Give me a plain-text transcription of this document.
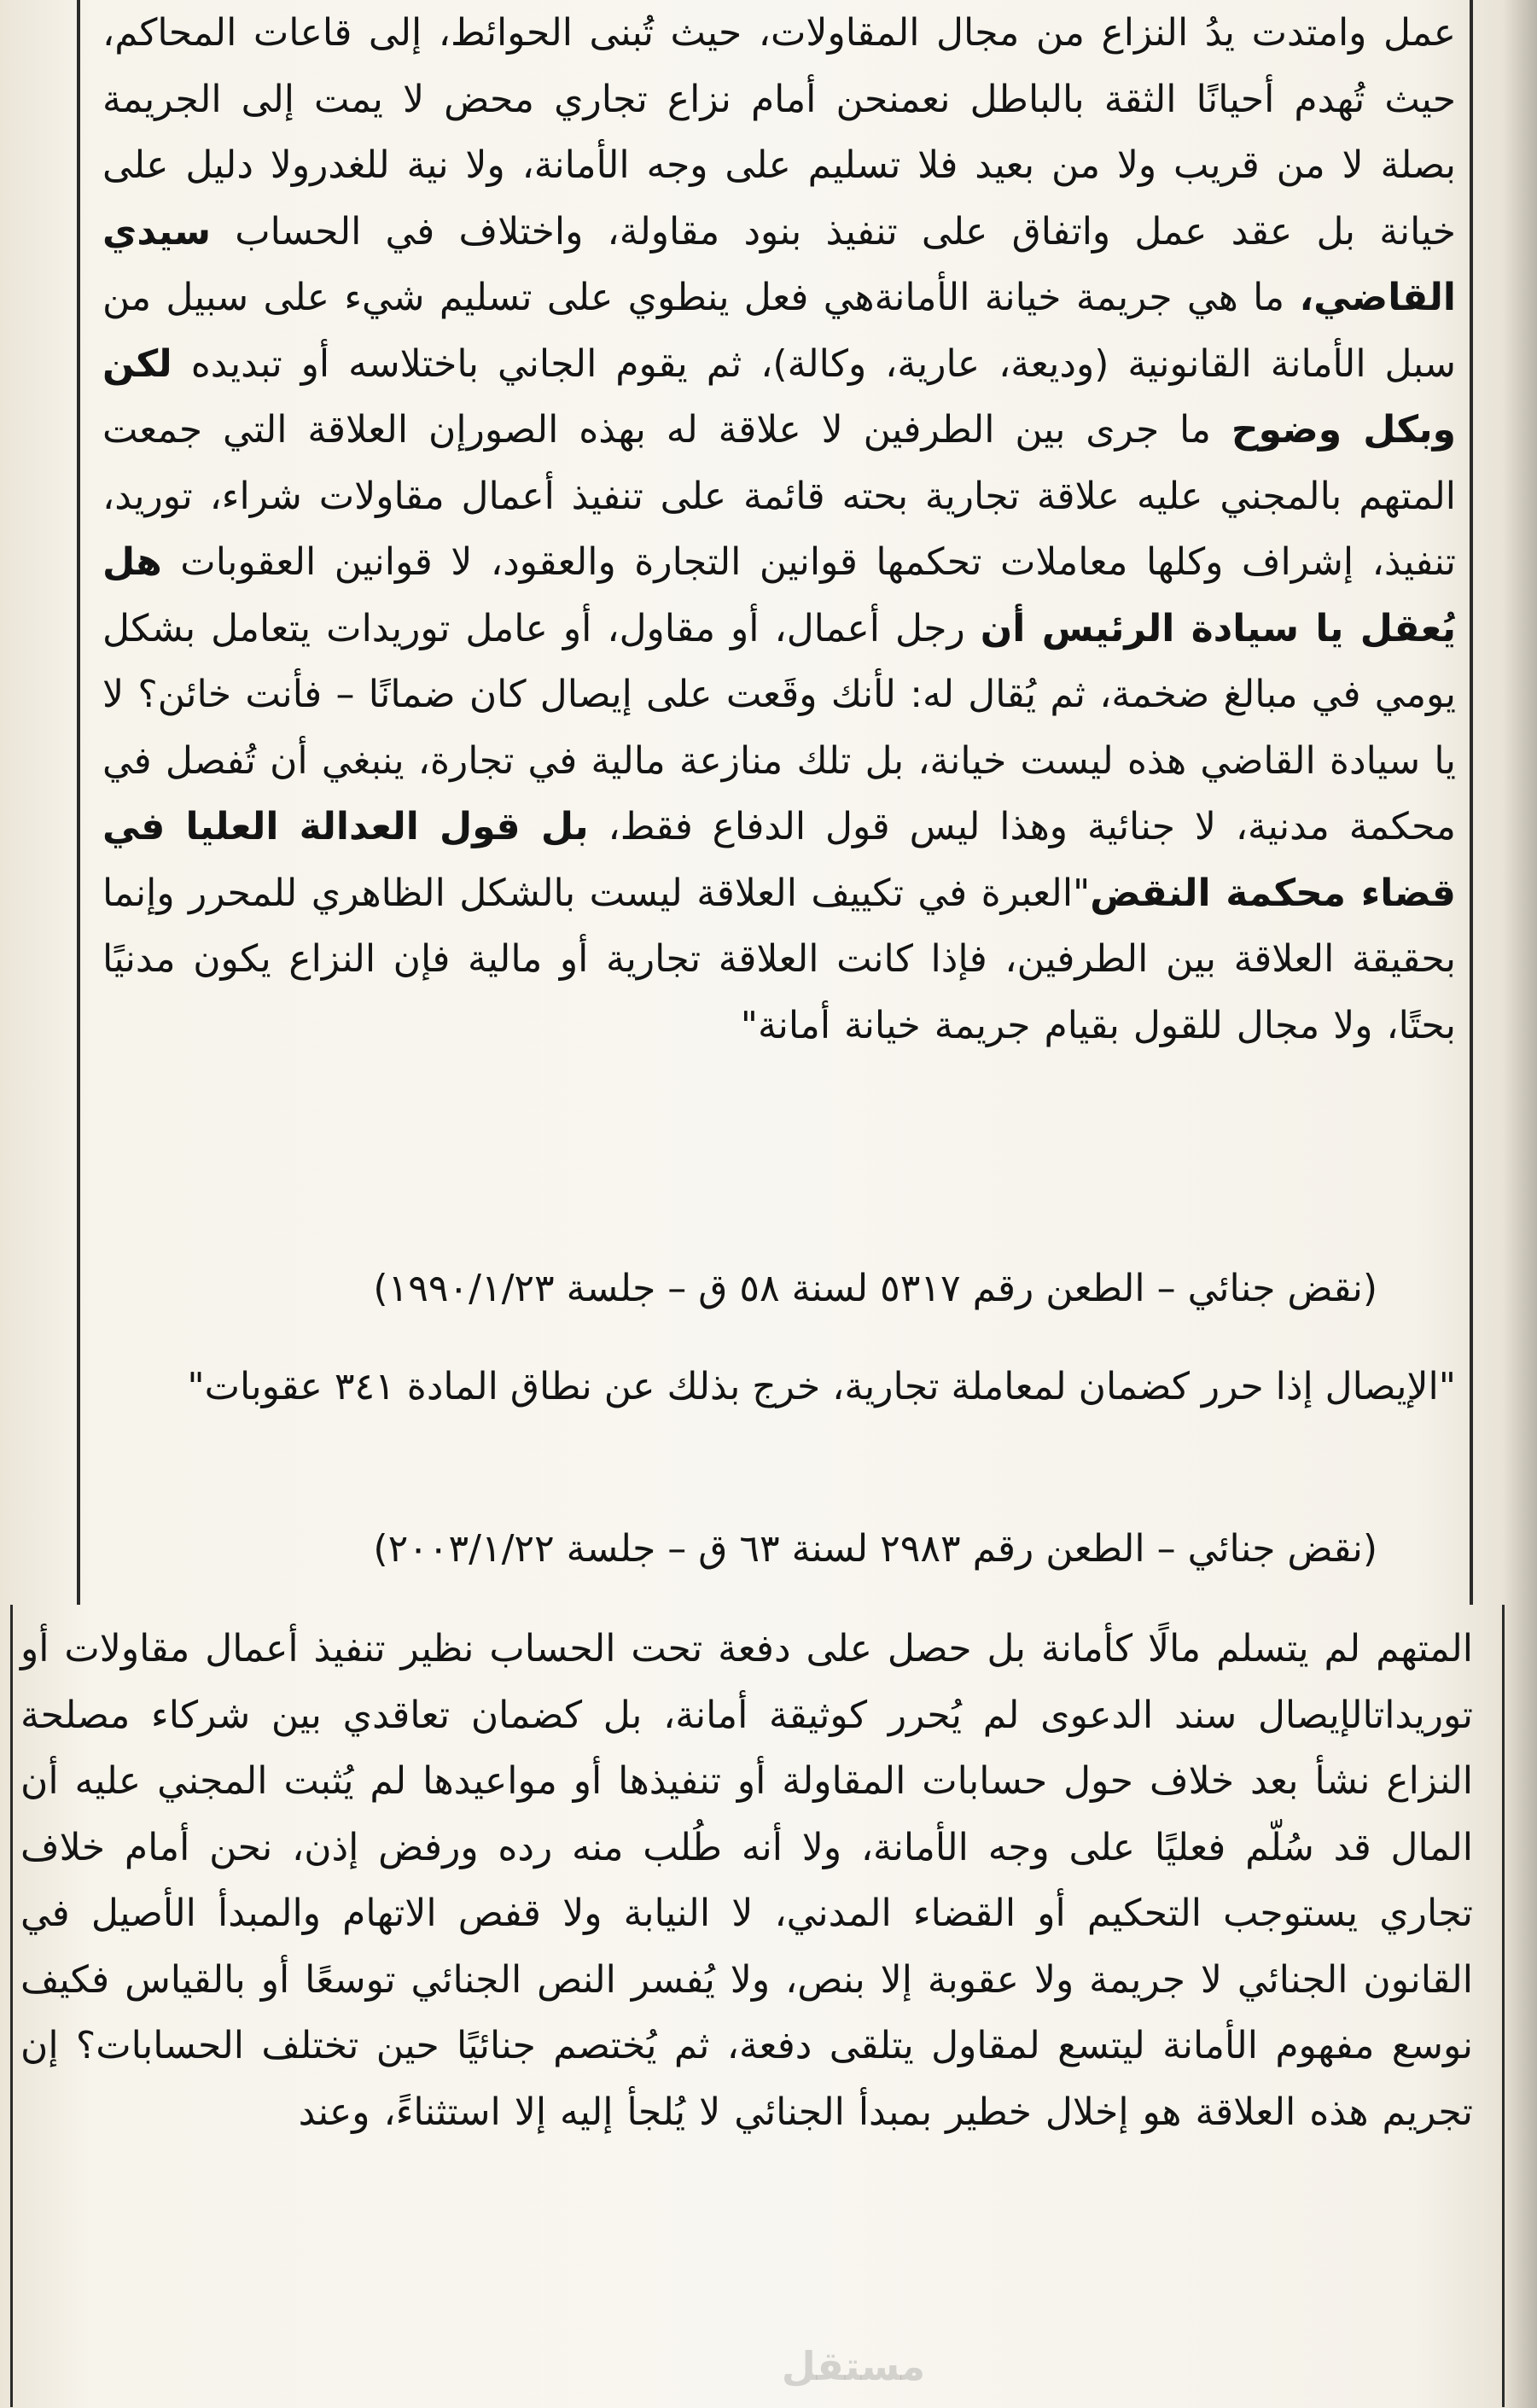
عمل وامتدت يدُ النزاع من مجال المقاولات، حيث تُبنى الحوائط، إلى قاعات المحاكم، حيث تُهدم أحيانًا الثقة بالباطل نعمنحن أمام نزاع تجاري محض لا يمت إلى الجريمة بصلة لا من قريب ولا من بعيد فلا تسليم على وجه الأمانة، ولا نية للغدرولا دليل على خيانة بل عقد عمل واتفاق على تنفيذ بنود مقاولة، واختلاف في الحساب سيدي القاضي، ما هي جريمة خيانة الأمانةهي فعل ينطوي على تسليم شيء على سبيل من سبل الأمانة القانونية (وديعة، عارية، وكالة)، ثم يقوم الجاني باختلاسه أو تبديده لكن وبكل وضوح ما جرى بين الطرفين لا علاقة له بهذه الصورإن العلاقة التي جمعت المتهم بالمجني عليه علاقة تجارية بحته قائمة على تنفيذ أعمال مقاولات شراء، توريد، تنفيذ، إشراف وكلها معاملات تحكمها قوانين التجارة والعقود، لا قوانين العقوبات هل يُعقل يا سيادة الرئيس أن رجل أعمال، أو مقاول، أو عامل توريدات يتعامل بشكل يومي في مبالغ ضخمة، ثم يُقال له: لأنك وقَعت على إيصال كان ضمانًا – فأنت خائن؟ لا يا سيادة القاضي هذه ليست خيانة، بل تلك منازعة مالية في تجارة، ينبغي أن تُفصل في محكمة مدنية، لا جنائية وهذا ليس قول الدفاع فقط، بل قول العدالة العليا في قضاء محكمة النقض"العبرة في تكييف العلاقة ليست بالشكل الظاهري للمحرر وإنما بحقيقة العلاقة بين الطرفين، فإذا كانت العلاقة تجارية أو مالية فإن النزاع يكون مدنيًا بحتًا، ولا مجال للقول بقيام جريمة خيانة أمانة"
(نقض جنائي – الطعن رقم ٥٣١٧ لسنة ٥٨ ق – جلسة ١٩٩٠/١/٢٣)
"الإيصال إذا حرر كضمان لمعاملة تجارية، خرج بذلك عن نطاق المادة ٣٤١ عقوبات"
(نقض جنائي – الطعن رقم ٢٩٨٣ لسنة ٦٣ ق – جلسة ٢٠٠٣/١/٢٢)
المتهم لم يتسلم مالًا كأمانة بل حصل على دفعة تحت الحساب نظير تنفيذ أعمال مقاولات أو توريداتالإيصال سند الدعوى لم يُحرر كوثيقة أمانة، بل كضمان تعاقدي بين شركاء مصلحة النزاع نشأ بعد خلاف حول حسابات المقاولة أو تنفيذها أو مواعيدها لم يُثبت المجني عليه أن المال قد سُلّم فعليًا على وجه الأمانة، ولا أنه طُلب منه رده ورفض إذن، نحن أمام خلاف تجاري يستوجب التحكيم أو القضاء المدني، لا النيابة ولا قفص الاتهام والمبدأ الأصيل في القانون الجنائي لا جريمة ولا عقوبة إلا بنص، ولا يُفسر النص الجنائي توسعًا أو بالقياس فكيف نوسع مفهوم الأمانة ليتسع لمقاول يتلقى دفعة، ثم يُختصم جنائيًا حين تختلف الحسابات؟ إن تجريم هذه العلاقة هو إخلال خطير بمبدأ الجنائي لا يُلجأ إليه إلا استثناءً، وعند
مستقل
